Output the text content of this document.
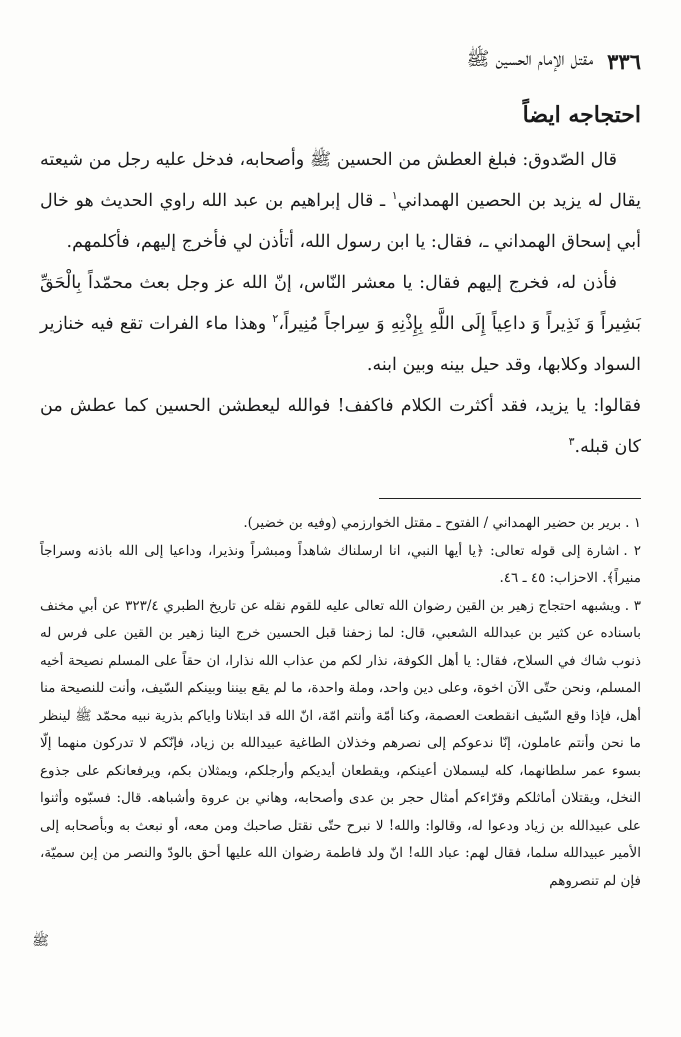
٣٣٦
مقتل الإمام الحسين ﷺ
احتجاجه ايضاً

قال الصّدوق: فبلغ العطش من الحسين ﷺ وأصحابه، فدخل عليه رجل من شيعته يقال له يزيد بن الحصين الهمداني$^١$ ـ قال إبراهيم بن عبد الله راوي الحديث هو خال أبي إسحاق الهمداني ـ، فقال: يا ابن رسول الله، أتأذن لي فأخرج إليهم، فأكلمهم.

فأذن له، فخرج إليهم فقال: يا معشر النّاس، إنّ الله عز وجل بعث محمّداً بِالْحَقِّ بَشِيراً وَ نَذِيراً وَ داعِياً إِلَى اللَّهِ بِإِذْنِهِ وَ سِراجاً مُنِيراً،$^٢$ وهذا ماء الفرات تقع فيه خنازير السواد وكلابها، وقد حيل بينه وبين ابنه.

فقالوا: يا يزيد، فقد أكثرت الكلام فاكفف! فوالله ليعطشن الحسين كما عطش من كان قبله.$^٣$

١ .برير بن حضير الهمداني / الفتوح ـ مقتل الخوارزمي (وفيه بن خضير).

٢ .اشارة إلى قوله تعالى: ﴿يا أيها النبي، انا ارسلناك شاهداً ومبشراً ونذيرا، وداعيا إلى الله باذنه وسراجاً منيراً﴾. الاحزاب: ٤٥ ـ ٤٦.

٣ .ويشبهه احتجاج زهير بن القين رضوان الله تعالى عليه للقوم نقله عن تاريخ الطبري ٣٢٣/٤ عن أبي مخنف باسناده عن كثير بن عبدالله الشعبي، قال: لما زحفنا قبل الحسين خرج الينا زهير بن القين على فرس له ذنوب شاك في السلاح، فقال: يا أهل الكوفة، نذار لكم من عذاب الله نذارا، ان حقاً على المسلم نصيحة أخيه المسلم، ونحن حتّى الآن اخوة، وعلى دين واحد، وملة واحدة، ما لم يقع بيننا وبينكم السّيف، وأنت للنصيحة منا أهل، فإذا وقع السّيف انقطعت العصمة، وكنا أمّة وأنتم امّة، انّ الله قد ابتلانا واياكم بذرية نبيه محمّد ﷺ لينظر ما نحن وأنتم عاملون، إنّا ندعوكم إلى نصرهم وخذلان الطاغية عبيدالله بن زياد، فإنّكم لا تدركون منهما إلّا بسوء عمر سلطانهما، كله ليسملان أعينكم، ويقطعان أيديكم وأرجلكم، ويمثلان بكم، ويرفعانكم على جذوع النخل، ويقتلان أماثلكم وقرّاءكم أمثال حجر بن عدى وأصحابه، وهاني بن عروة وأشباهه. قال: فسبّوه وأثنوا على عبيدالله بن زياد ودعوا له، وقالوا: والله! لا نبرح حتّى نقتل صاحبك ومن معه، أو نبعث به وبأصحابه إلى الأمير عبيدالله سلما، فقال لهم: عباد الله! انّ ولد فاطمة رضوان الله عليها أحق بالودّ والنصر من إبن سميّة، فإن لم تنصروهم

ﷺ
